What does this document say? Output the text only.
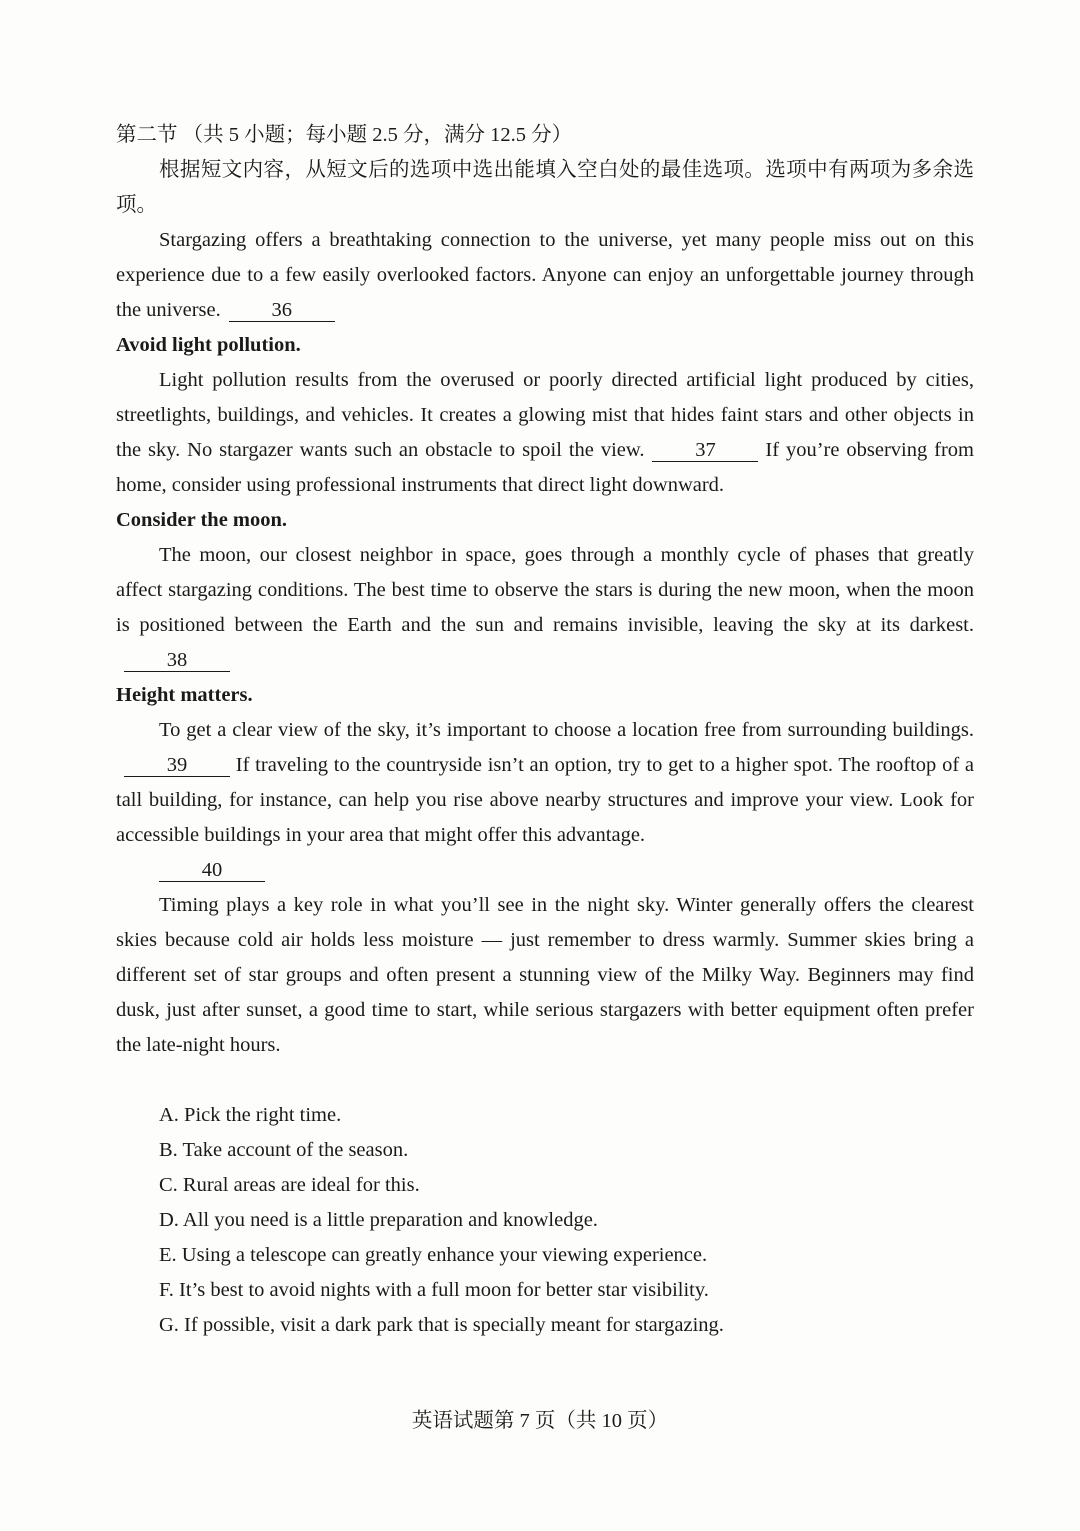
第二节 （共 5 小题；每小题 2.5 分，满分 12.5 分）

根据短文内容，从短文后的选项中选出能填入空白处的最佳选项。选项中有两项为多余选项。

Stargazing offers a breathtaking connection to the universe, yet many people miss out on this experience due to a few easily overlooked factors. Anyone can enjoy an unforgettable journey through the universe. 36

Avoid light pollution.

Light pollution results from the overused or poorly directed artificial light produced by cities, streetlights, buildings, and vehicles. It creates a glowing mist that hides faint stars and other objects in the sky. No stargazer wants such an obstacle to spoil the view. 37 If you’re observing from home, consider using professional instruments that direct light downward.

Consider the moon.

The moon, our closest neighbor in space, goes through a monthly cycle of phases that greatly affect stargazing conditions. The best time to observe the stars is during the new moon, when the moon is positioned between the Earth and the sun and remains invisible, leaving the sky at its darkest.38

Height matters.

To get a clear view of the sky, it’s important to choose a location free from surrounding buildings.39 If traveling to the countryside isn’t an option, try to get to a higher spot. The rooftop of a tall building, for instance, can help you rise above nearby structures and improve your view. Look for accessible buildings in your area that might offer this advantage.

40

Timing plays a key role in what you’ll see in the night sky. Winter generally offers the clearest skies because cold air holds less moisture — just remember to dress warmly. Summer skies bring a different set of star groups and often present a stunning view of the Milky Way. Beginners may find dusk, just after sunset, a good time to start, while serious stargazers with better equipment often prefer the late-night hours.

A. Pick the right time.
B. Take account of the season.
C. Rural areas are ideal for this.
D. All you need is a little preparation and knowledge.
E. Using a telescope can greatly enhance your viewing experience.
F. It’s best to avoid nights with a full moon for better star visibility.
G. If possible, visit a dark park that is specially meant for stargazing.
英语试题第 7 页（共 10 页）
